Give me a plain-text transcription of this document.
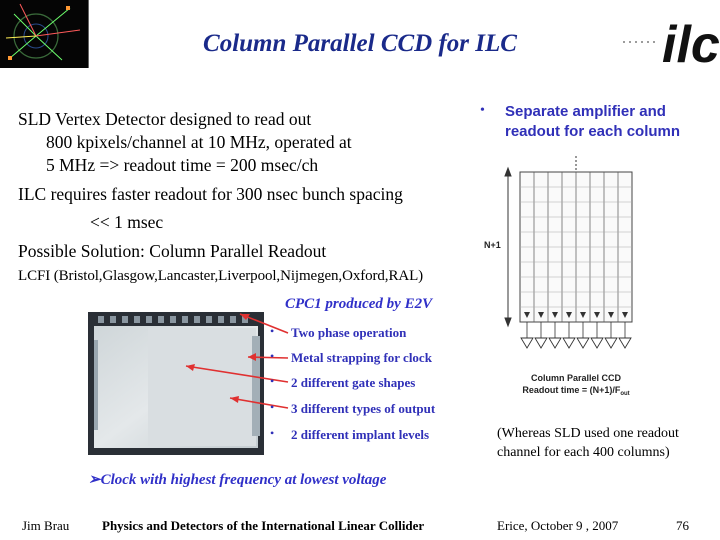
Column Parallel CCD for ILC	ilc
SLD Vertex Detector designed to read out
800 kpixels/channel at 10 MHz, operated at
5 MHz => readout time = 200 msec/ch
ILC requires faster readout for 300 nsec bunch spacing
<< 1 msec
Possible Solution: Column Parallel Readout
LCFI (Bristol,Glasgow,Lancaster,Liverpool,Nijmegen,Oxford,RAL)
CPC1 produced by E2V
• Two phase operation
• Metal strapping for clock
• 2 different gate shapes
• 3 different types of output
• 2 different implant levels
➢Clock with highest frequency at lowest voltage
• Separate amplifier and readout for each column
N+1
Column Parallel CCD
Readout time = $(N+1)/F_{out}$
(Whereas SLD used one readout channel for each 400 columns)
Jim Brau	Physics and Detectors of the International Linear Collider	Erice, October 9 , 2007	76
